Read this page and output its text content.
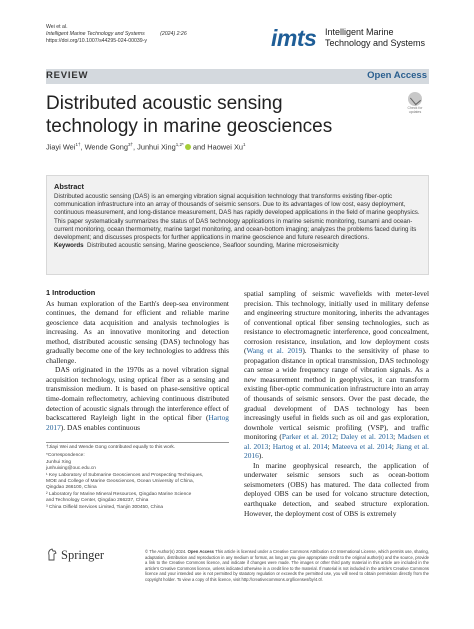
Wei et al.
Intelligent Marine Technology and Systems	(2024) 2:26
https://doi.org/10.1007/s44295-024-00039-y	imts Intelligent Marine
Technology and Systems
REVIEW	Open Access
Distributed acoustic sensing technology in marine geosciences
Check for
updates
Jiayi Wei$^{1\dagger}$, Wende Gong$^{3\dagger}$, Junhui Xing$^{1,2*}$ and Haowei Xu$^1$
Abstract
Distributed acoustic sensing (DAS) is an emerging vibration signal acquisition technology that transforms existing fiber-optic communication infrastructure into an array of thousands of seismic sensors. Due to its advantages of low cost, easy deployment, continuous measurement, and long-distance measurement, DAS has rapidly developed applications in the field of marine geophysics. This paper systematically summarizes the status of DAS technology applications in marine seismic monitoring, tsunami and ocean-current monitoring, ocean thermometry, marine target monitoring, and ocean-bottom imaging; analyzes the problems faced during its development; and discusses prospects for further applications in marine geoscience and future research directions.
Keywords Distributed acoustic sensing, Marine geoscience, Seafloor sounding, Marine microseismicity
1 Introduction

As human exploration of the Earth's deep-sea environment continues, the demand for efficient and reliable marine geoscience data acquisition and analysis technologies is increasing. As an innovative monitoring and detection method, distributed acoustic sensing (DAS) technology has gradually become one of the key technologies to address this challenge.

DAS originated in the 1970s as a novel vibration signal acquisition technology, using optical fiber as a sensing and transmission medium. It is based on phase-sensitive optical time-domain reflectometry, achieving continuous distributed detection of acoustic signals through the interference effect of backscattered Rayleigh light in the optical fiber (Hartog 2017). DAS enables continuous

spatial sampling of seismic wavefields with meter-level precision. This technology, initially used in military defense and engineering structure monitoring, inherits the advantages of conventional optical fiber sensing technologies, such as resistance to electromagnetic interference, good concealment, corrosion resistance, insulation, and low deployment costs (Wang et al. 2019). Thanks to the sensitivity of phase to propagation distance in optical transmission, DAS technology can sense a wide frequency range of vibration signals. As a new measurement method in geophysics, it can transform existing fiber-optic communication infrastructure into an array of thousands of seismic sensors. Over the past decade, the gradual development of DAS technology has been increasingly useful in fields such as oil and gas exploration, downhole vertical seismic profiling (VSP), and traffic monitoring (Parker et al. 2012; Daley et al. 2013; Madsen et al. 2013; Hartog et al. 2014; Mateeva et al. 2014; Jiang et al. 2016).

In marine geophysical research, the application of underwater seismic sensors such as ocean-bottom seismometers (OBS) has matured. The data collected from deployed OBS can be used for volcano structure detection, earthquake detection, and seabed structure exploration. However, the deployment cost of OBS is extremely

†Jiayi Wei and Wende Gong contributed equally to this work.
*Correspondence:
Junhui Xing
junhuixing@ouc.edu.cn
¹ Key Laboratory of Submarine Geosciences and Prospecting Techniques,
MOE and College of Marine Geosciences, Ocean University of China,
Qingdao 266100, China
² Laboratory for Marine Mineral Resources, Qingdao Marine Science
and Technology Center, Qingdao 266237, China
³ China Oilfield Services Limited, Tianjin 300450, China
Springer	© The Author(s) 2024. Open Access This article is licensed under a Creative Commons Attribution 4.0 International License, which permits use, sharing, adaptation, distribution and reproduction in any medium or format, as long as you give appropriate credit to the original author(s) and the source, provide a link to the Creative Commons licence, and indicate if changes were made. The images or other third party material in this article are included in the article's Creative Commons licence, unless indicated otherwise in a credit line to the material. If material is not included in the article's Creative Commons licence and your intended use is not permitted by statutory regulation or exceeds the permitted use, you will need to obtain permission directly from the copyright holder. To view a copy of this licence, visit http://creativecommons.org/licenses/by/4.0/.
